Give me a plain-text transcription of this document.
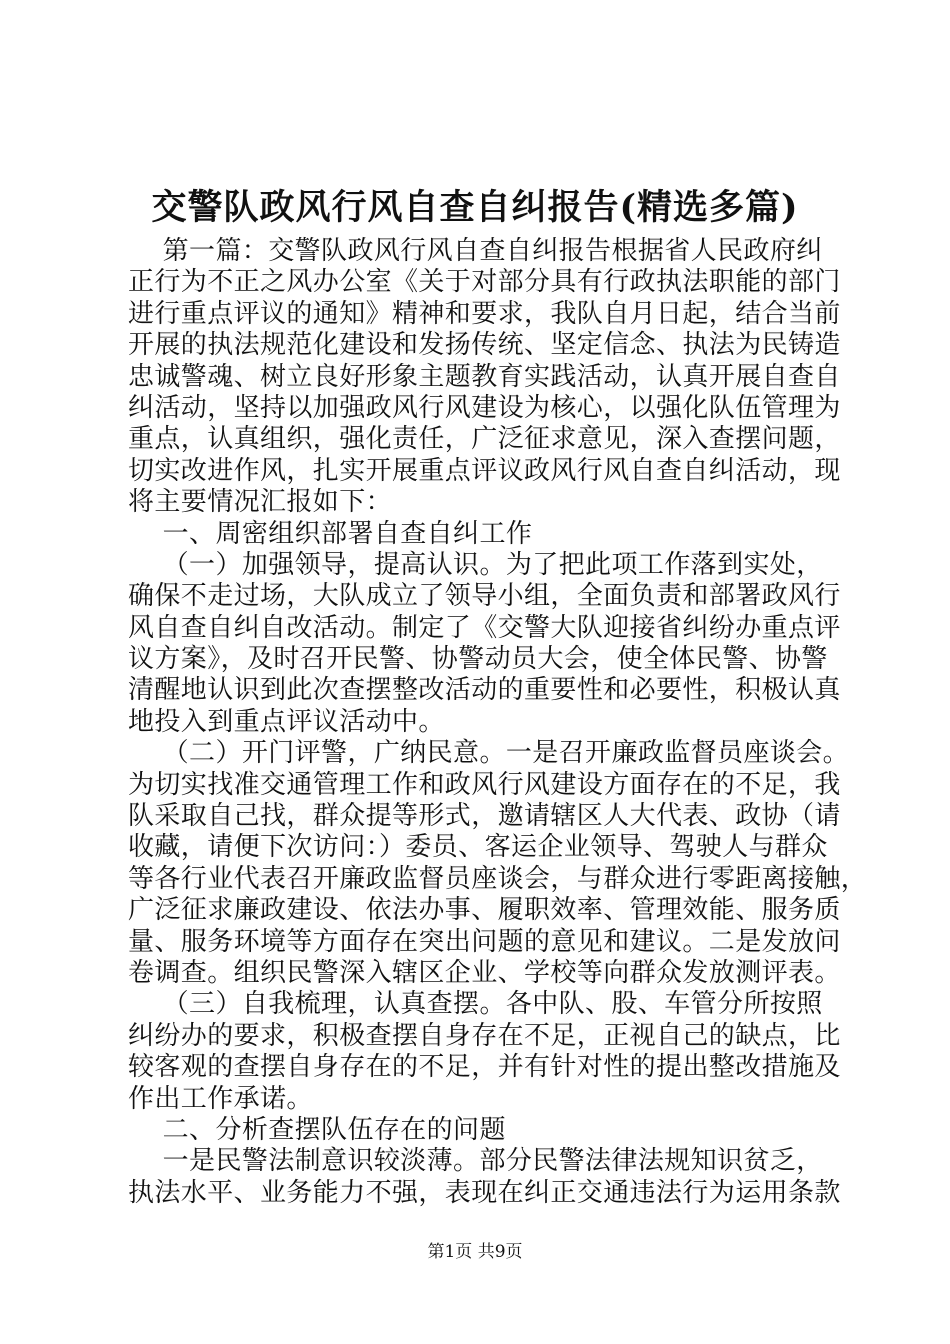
交警队政风行风自查自纠报告(精选多篇)
第一篇：交警队政风行风自查自纠报告根据省人民政府纠
正行为不正之风办公室《关于对部分具有行政执法职能的部门
进行重点评议的通知》精神和要求，我队自月日起，结合当前
开展的执法规范化建设和发扬传统、坚定信念、执法为民铸造
忠诚警魂、树立良好形象主题教育实践活动，认真开展自查自
纠活动，坚持以加强政风行风建设为核心，以强化队伍管理为
重点，认真组织，强化责任，广泛征求意见，深入查摆问题，
切实改进作风，扎实开展重点评议政风行风自查自纠活动，现
将主要情况汇报如下：
一、周密组织部署自查自纠工作
（一）加强领导，提高认识。为了把此项工作落到实处，
确保不走过场，大队成立了领导小组，全面负责和部署政风行
风自查自纠自改活动。制定了《交警大队迎接省纠纷办重点评
议方案》，及时召开民警、协警动员大会，使全体民警、协警
清醒地认识到此次查摆整改活动的重要性和必要性，积极认真
地投入到重点评议活动中。
（二）开门评警，广纳民意。一是召开廉政监督员座谈会。
为切实找准交通管理工作和政风行风建设方面存在的不足，我
队采取自己找，群众提等形式，邀请辖区人大代表、政协（请
收藏，请便下次访问：）委员、客运企业领导、驾驶人与群众
等各行业代表召开廉政监督员座谈会，与群众进行零距离接触，
广泛征求廉政建设、依法办事、履职效率、管理效能、服务质
量、服务环境等方面存在突出问题的意见和建议。二是发放问
卷调查。组织民警深入辖区企业、学校等向群众发放测评表。
（三）自我梳理，认真查摆。各中队、股、车管分所按照
纠纷办的要求，积极查摆自身存在不足，正视自己的缺点，比
较客观的查摆自身存在的不足，并有针对性的提出整改措施及
作出工作承诺。
二、分析查摆队伍存在的问题
一是民警法制意识较淡薄。部分民警法律法规知识贫乏，
执法水平、业务能力不强，表现在纠正交通违法行为运用条款
第1页 共9页
